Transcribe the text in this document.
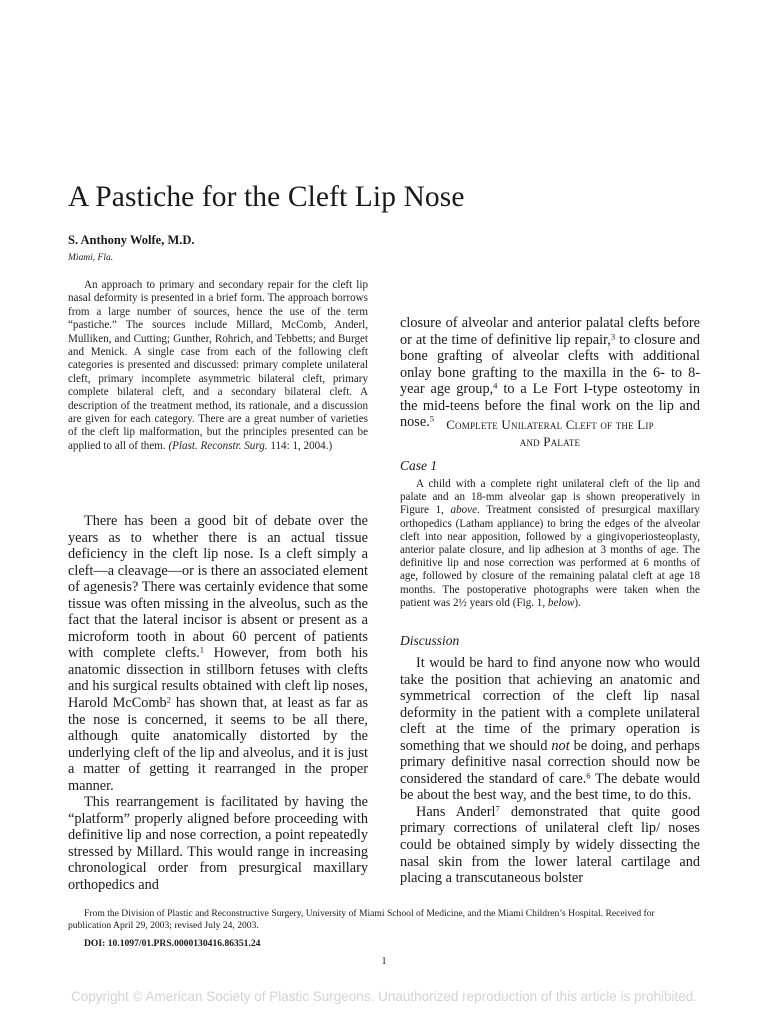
A Pastiche for the Cleft Lip Nose

S. Anthony Wolfe, M.D.

Miami, Fla.

An approach to primary and secondary repair for the cleft lip nasal deformity is presented in a brief form. The approach borrows from a large number of sources, hence the use of the term “pastiche.” The sources include Millard, McComb, Anderl, Mulliken, and Cutting; Gunther, Rohrich, and Tebbetts; and Burget and Menick. A single case from each of the following cleft categories is presented and discussed: primary complete unilateral cleft, primary incomplete asymmetric bilateral cleft, primary complete bilateral cleft, and a secondary bilateral cleft. A description of the treatment method, its rationale, and a discussion are given for each category. There are a great number of varieties of the cleft lip malformation, but the principles presented can be applied to all of them. (Plast. Reconstr. Surg. 114: 1, 2004.)

There has been a good bit of debate over the years as to whether there is an actual tissue deficiency in the cleft lip nose. Is a cleft simply a cleft—a cleavage—or is there an associated element of agenesis? There was certainly evidence that some tissue was often missing in the alveolus, such as the fact that the lateral incisor is absent or present as a microform tooth in about 60 percent of patients with complete clefts.$^1$ However, from both his anatomic dissection in stillborn fetuses with clefts and his surgical results obtained with cleft lip noses, Harold McComb$^2$ has shown that, at least as far as the nose is concerned, it seems to be all there, although quite anatomically distorted by the underlying cleft of the lip and alveolus, and it is just a matter of getting it rearranged in the proper manner.

This rearrangement is facilitated by having the “platform” properly aligned before proceeding with definitive lip and nose correction, a point repeatedly stressed by Millard. This would range in increasing chronological order from presurgical maxillary orthopedics and

closure of alveolar and anterior palatal clefts before or at the time of definitive lip repair,$^3$ to closure and bone grafting of alveolar clefts with additional onlay bone grafting to the maxilla in the 6- to 8-year age group,$^4$ to a Le Fort I-type osteotomy in the mid-teens before the final work on the lip and nose.$^5$ Complete Unilateral Cleft of the Lip
and Palate

Case 1

A child with a complete right unilateral cleft of the lip and palate and an 18-mm alveolar gap is shown preoperatively in Figure 1, above. Treatment consisted of presurgical maxillary orthopedics (Latham appliance) to bring the edges of the alveolar cleft into near apposition, followed by a gingivoperiosteoplasty, anterior palate closure, and lip adhesion at 3 months of age. The definitive lip and nose correction was performed at 6 months of age, followed by closure of the remaining palatal cleft at age 18 months. The postoperative photographs were taken when the patient was 2½ years old (Fig. 1, below).

Discussion

It would be hard to find anyone now who would take the position that achieving an anatomic and symmetrical correction of the cleft lip nasal deformity in the patient with a complete unilateral cleft at the time of the primary operation is something that we should not be doing, and perhaps primary definitive nasal correction should now be considered the standard of care.$^6$ The debate would be about the best way, and the best time, to do this.

Hans Anderl$^7$ demonstrated that quite good primary corrections of unilateral cleft lip/ noses could be obtained simply by widely dissecting the nasal skin from the lower lateral cartilage and placing a transcutaneous bolster

From the Division of Plastic and Reconstructive Surgery, University of Miami School of Medicine, and the Miami Children’s Hospital. Received for publication April 29, 2003; revised July 24, 2003.

DOI: 10.1097/01.PRS.0000130416.86351.24

1

Copyright © American Society of Plastic Surgeons. Unauthorized reproduction of this article is prohibited.
